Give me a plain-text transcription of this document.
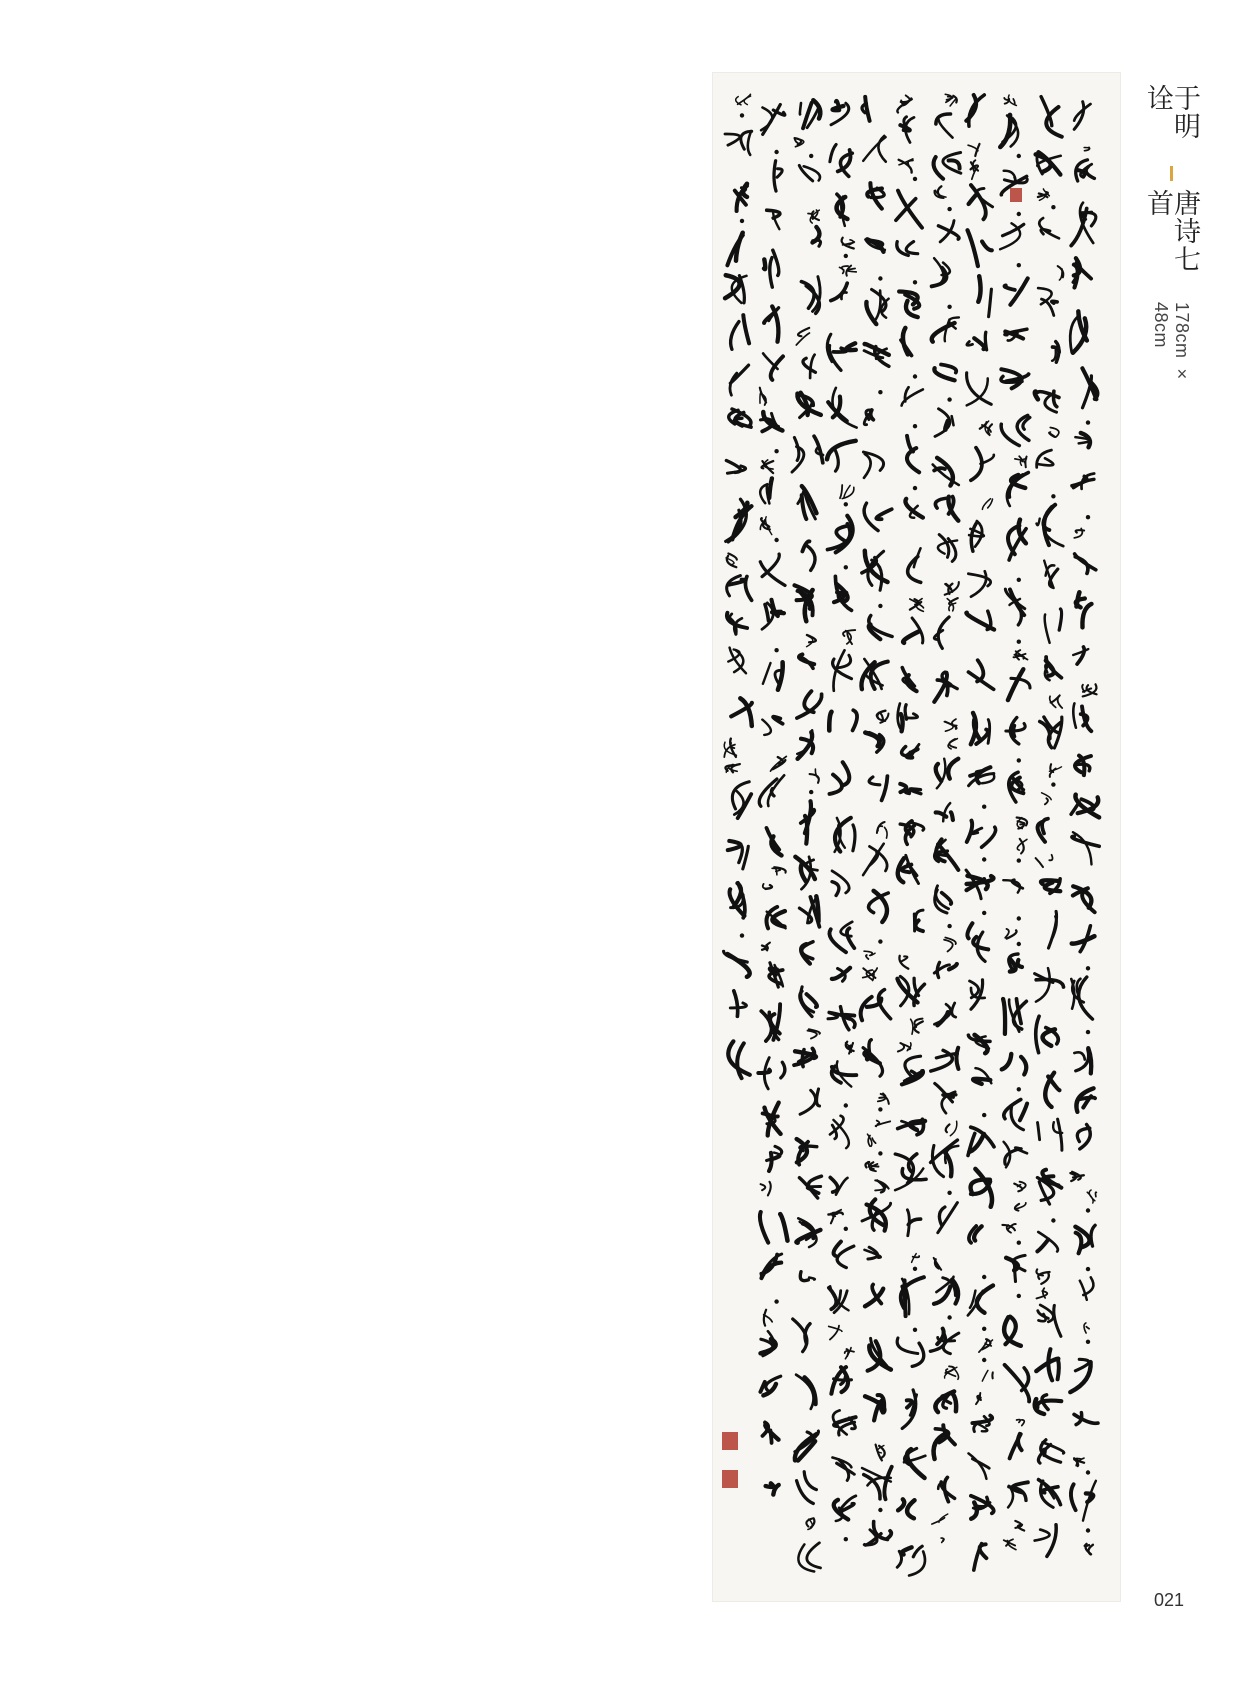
于明诠
唐诗七首
178cm × 48cm
021
